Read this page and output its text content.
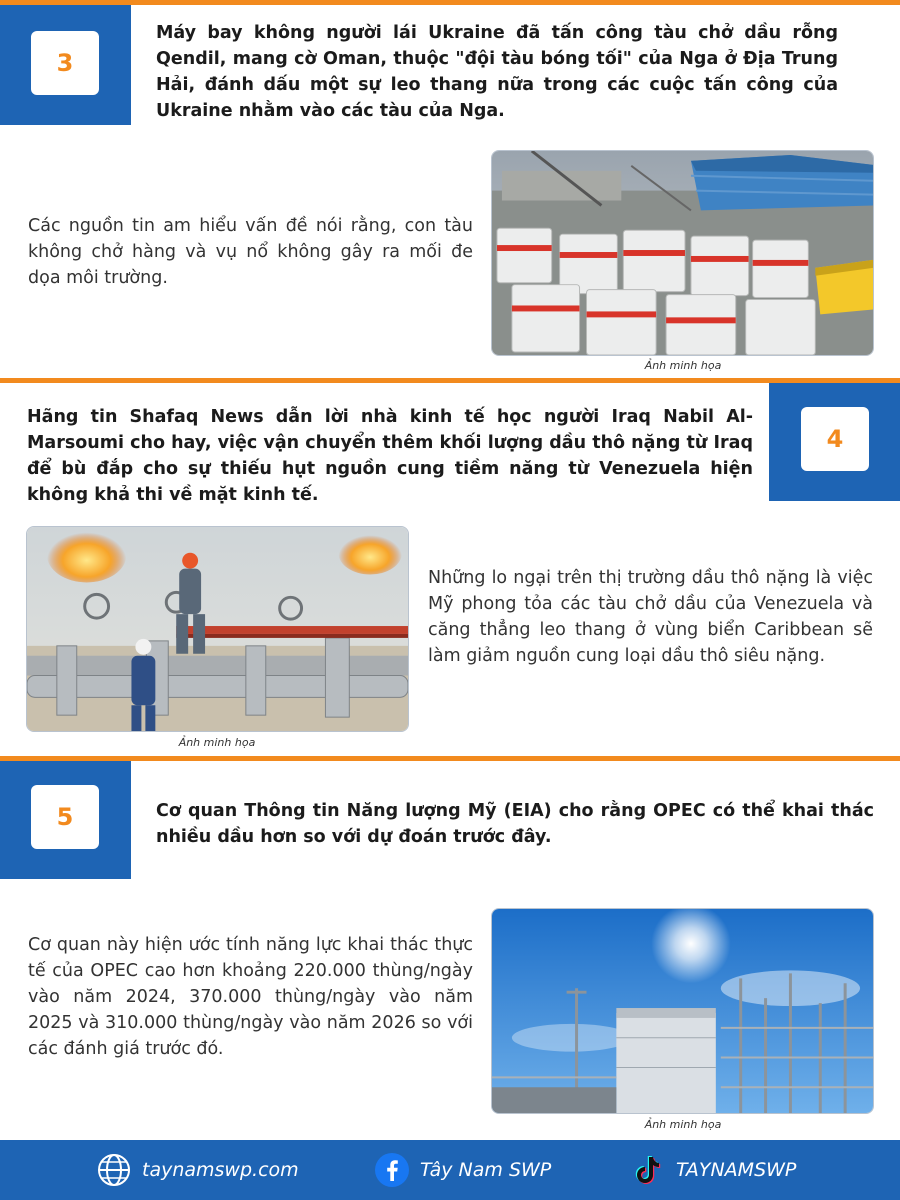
3
Máy bay không người lái Ukraine đã tấn công tàu chở dầu rỗng Qendil, mang cờ Oman, thuộc "đội tàu bóng tối" của Nga ở Địa Trung Hải, đánh dấu một sự leo thang nữa trong các cuộc tấn công của Ukraine nhằm vào các tàu của Nga.
Các nguồn tin am hiểu vấn đề nói rằng, con tàu không chở hàng và vụ nổ không gây ra mối đe dọa môi trường.
Ảnh minh họa
4
Hãng tin Shafaq News dẫn lời nhà kinh tế học người Iraq Nabil Al-Marsoumi cho hay, việc vận chuyển thêm khối lượng dầu thô nặng từ Iraq để bù đắp cho sự thiếu hụt nguồn cung tiềm năng từ Venezuela hiện không khả thi về mặt kinh tế.
Ảnh minh họa
Những lo ngại trên thị trường dầu thô nặng là việc Mỹ phong tỏa các tàu chở dầu của Venezuela và căng thẳng leo thang ở vùng biển Caribbean sẽ làm giảm nguồn cung loại dầu thô siêu nặng.
5	Cơ quan Thông tin Năng lượng Mỹ (EIA) cho rằng OPEC có thể khai thác nhiều dầu hơn so với dự đoán trước đây.
Cơ quan này hiện ước tính năng lực khai thác thực tế của OPEC cao hơn khoảng 220.000 thùng/ngày vào năm 2024, 370.000 thùng/ngày vào năm 2025 và 310.000 thùng/ngày vào năm 2026 so với các đánh giá trước đó.
Ảnh minh họa
taynamswp.com	Tây Nam SWP	TAYNAMSWP
